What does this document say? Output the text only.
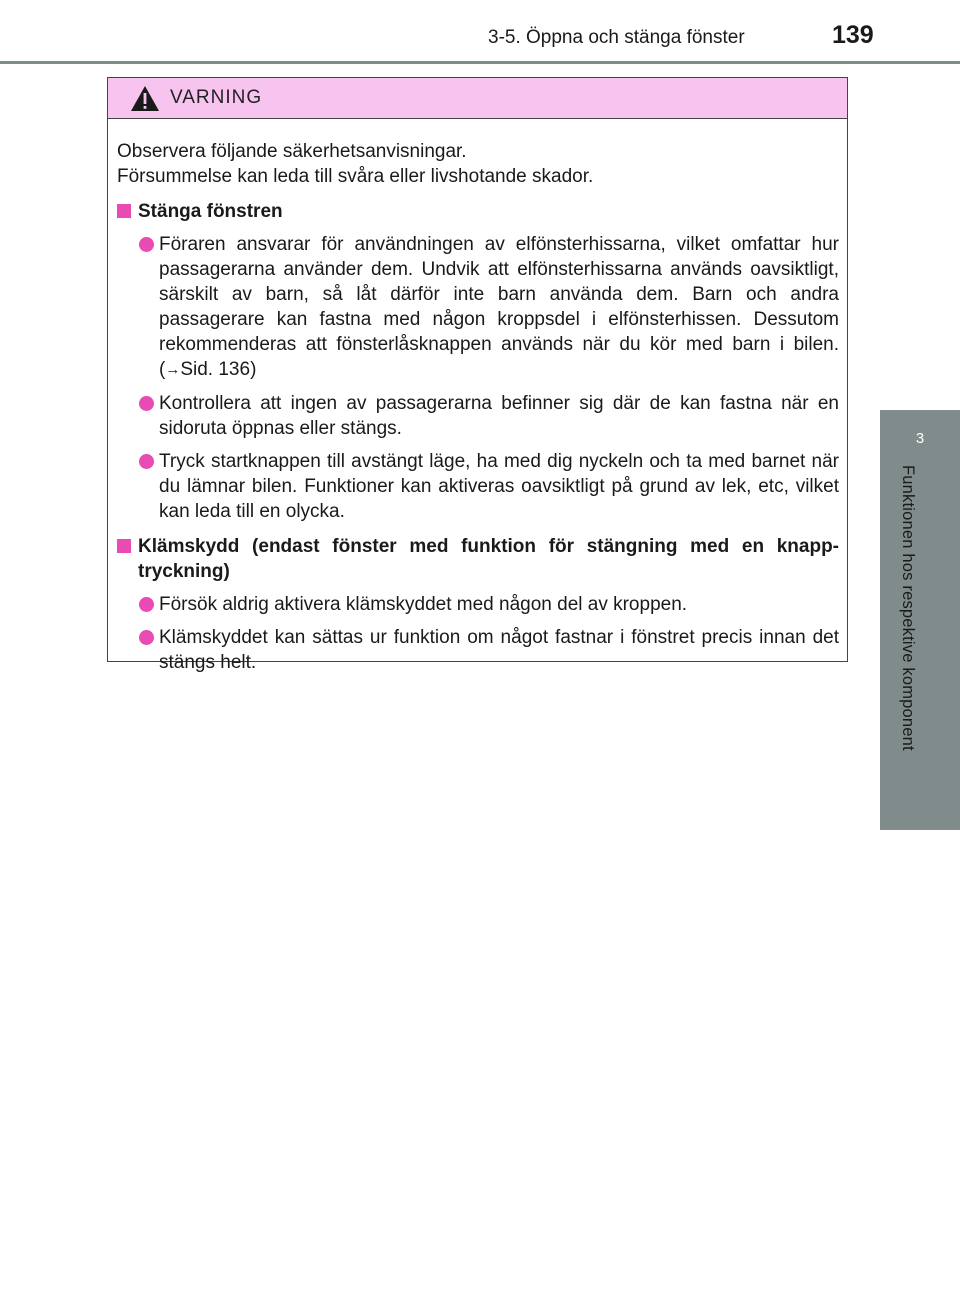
3-5. Öppna och stänga fönster	139
3
Funktionen hos respektive komponent
VARNING

Observera följande säkerhetsanvisningar.

Försummelse kan leda till svåra eller livshotande skador.

Stänga fönstren
Föraren ansvarar för användningen av elfönsterhissarna, vilket omfattar hur passagerarna använder dem. Undvik att elfönsterhissarna används oavsiktligt, särskilt av barn, så låt därför inte barn använda dem. Barn och andra passagerare kan fastna med någon kroppsdel i elfönsterhissen. Dessutom rekommenderas att fönsterlåsknappen används när du kör med barn i bilen. (→Sid. 136)
Kontrollera att ingen av passagerarna befinner sig där de kan fastna när en sidoruta öppnas eller stängs.
Tryck startknappen till avstängt läge, ha med dig nyckeln och ta med barnet när du lämnar bilen. Funktioner kan aktiveras oavsiktligt på grund av lek, etc, vilket kan leda till en olycka.
Klämskydd (endast fönster med funktion för stängning med en knapp-tryckning)
Försök aldrig aktivera klämskyddet med någon del av kroppen.
Klämskyddet kan sättas ur funktion om något fastnar i fönstret precis innan det stängs helt.
